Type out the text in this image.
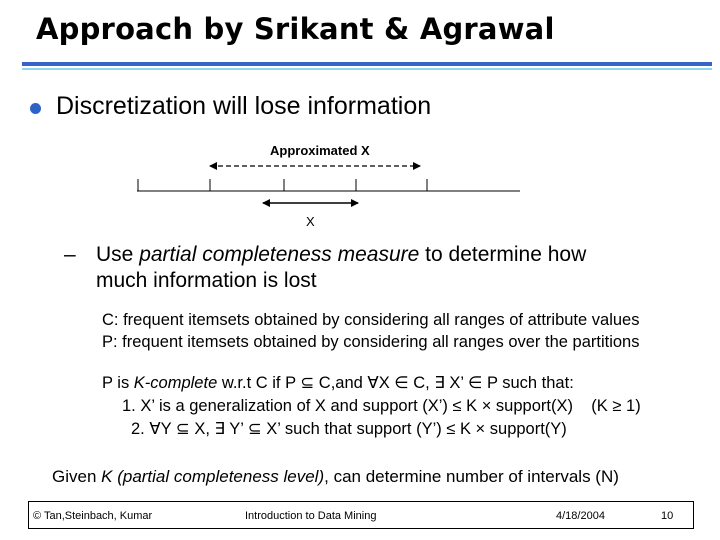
Approach by Srikant & Agrawal
Discretization will lose information
Approximated X
X
– Use partial completeness measure to determine how
much information is lost
C: frequent itemsets obtained by considering all ranges of attribute values
P: frequent itemsets obtained by considering all ranges over the partitions
P is K-complete w.r.t C if P ⊆ C,and ∀X ∈ C, ∃ X’ ∈ P such that:
1. X’ is a generalization of X and support (X’) ≤ K × support(X)    (K ≥ 1)
2. ∀Y ⊆ X, ∃ Y’ ⊆ X’ such that support (Y’) ≤ K × support(Y)
Given K (partial completeness level), can determine number of intervals (N)
© Tan,Steinbach, Kumar	Introduction to Data Mining	4/18/2004	10
